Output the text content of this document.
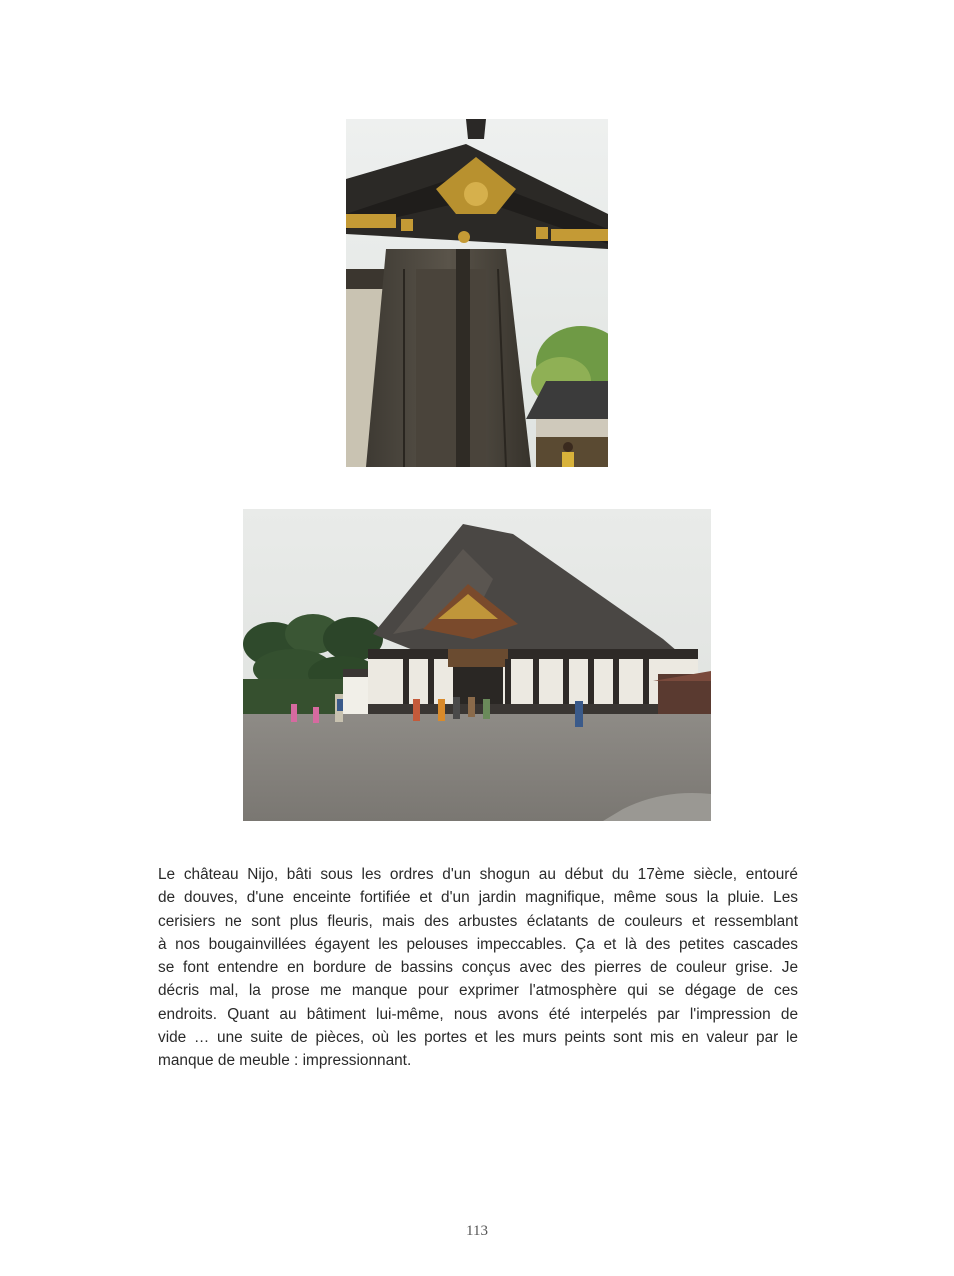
Le château Nijo, bâti sous les ordres d'un shogun au début du 17ème siècle, entouré
de douves, d'une enceinte fortifiée et d'un jardin magnifique, même sous la pluie. Les
cerisiers ne sont plus fleuris, mais des arbustes éclatants de couleurs et ressemblant
à nos bougainvillées égayent les pelouses impeccables. Ça et là des petites cascades
se font entendre en bordure de bassins conçus avec des pierres de couleur grise. Je
décris mal, la prose me manque pour exprimer l'atmosphère qui se dégage de ces
endroits. Quant au bâtiment lui-même, nous avons été interpelés par l'impression de
vide … une suite de pièces, où les portes et les murs peints sont mis en valeur par le
manque de meuble : impressionnant.

113
